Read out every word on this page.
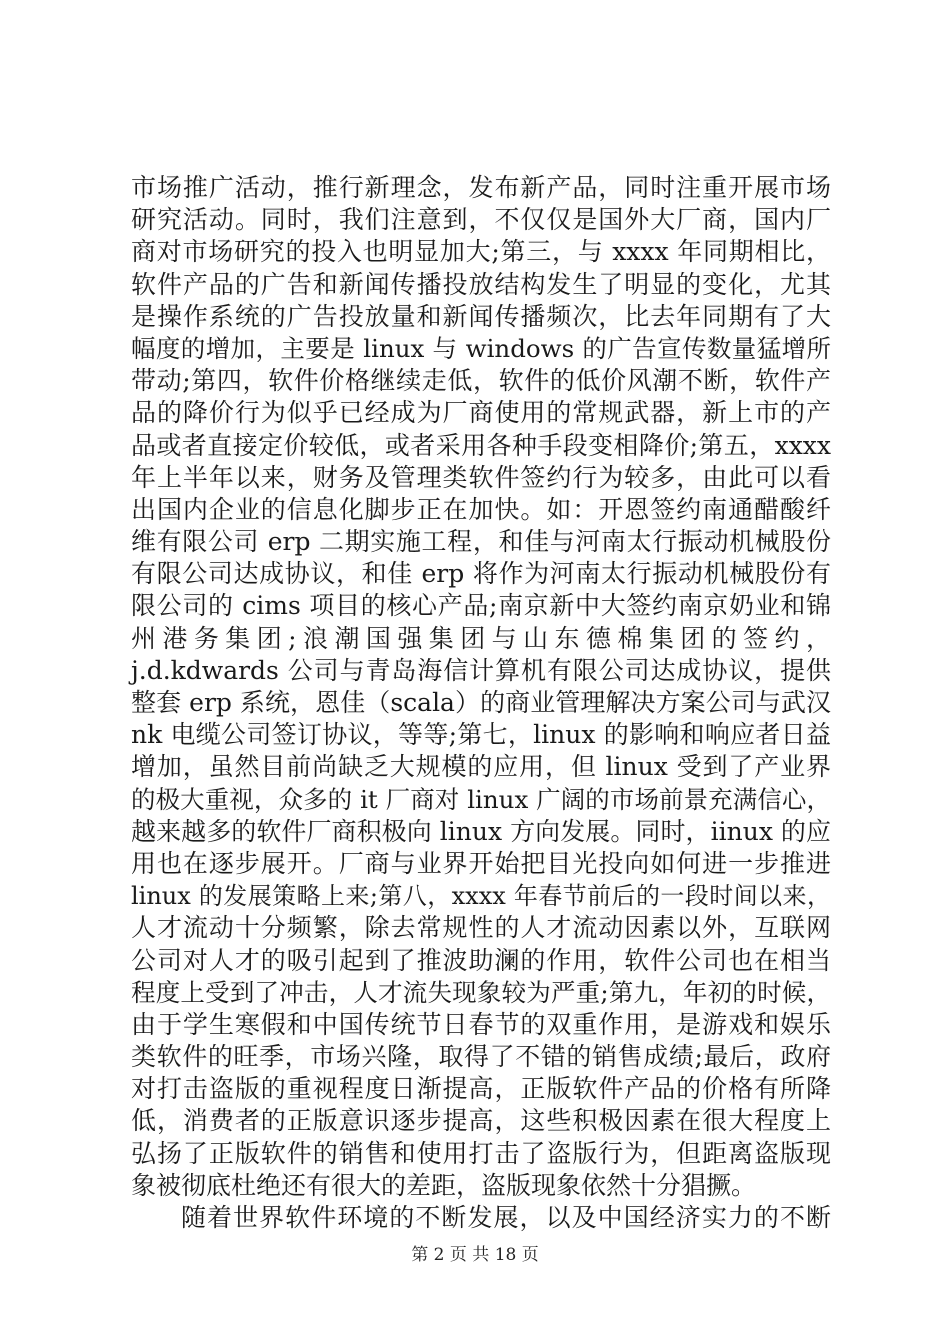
市场推广活动，推行新理念，发布新产品，同时注重开展市场
研究活动。同时，我们注意到，不仅仅是国外大厂商，国内厂
商对市场研究的投入也明显加大;第三，与 xxxx 年同期相比，
软件产品的广告和新闻传播投放结构发生了明显的变化，尤其
是操作系统的广告投放量和新闻传播频次，比去年同期有了大
幅度的增加，主要是 linux 与 windows 的广告宣传数量猛增所
带动;第四，软件价格继续走低，软件的低价风潮不断，软件产
品的降价行为似乎已经成为厂商使用的常规武器，新上市的产
品或者直接定价较低，或者采用各种手段变相降价;第五，xxxx
年上半年以来，财务及管理类软件签约行为较多，由此可以看
出国内企业的信息化脚步正在加快。如：开恩签约南通醋酸纤
维有限公司 erp 二期实施工程，和佳与河南太行振动机械股份
有限公司达成协议，和佳 erp 将作为河南太行振动机械股份有
限公司的 cims 项目的核心产品;南京新中大签约南京奶业和锦
州港务集团;浪潮国强集团与山东德棉集团的签约，
j.d.kdwards 公司与青岛海信计算机有限公司达成协议，提供
整套 erp 系统，恩佳（scala）的商业管理解决方案公司与武汉
nk 电缆公司签订协议，等等;第七，linux 的影响和响应者日益
增加，虽然目前尚缺乏大规模的应用，但 linux 受到了产业界
的极大重视，众多的 it 厂商对 linux 广阔的市场前景充满信心，
越来越多的软件厂商积极向 linux 方向发展。同时，iinux 的应
用也在逐步展开。厂商与业界开始把目光投向如何进一步推进
linux 的发展策略上来;第八，xxxx 年春节前后的一段时间以来，
人才流动十分频繁，除去常规性的人才流动因素以外，互联网
公司对人才的吸引起到了推波助澜的作用，软件公司也在相当
程度上受到了冲击，人才流失现象较为严重;第九，年初的时候，
由于学生寒假和中国传统节日春节的双重作用，是游戏和娱乐
类软件的旺季，市场兴隆，取得了不错的销售成绩;最后，政府
对打击盗版的重视程度日渐提高，正版软件产品的价格有所降
低，消费者的正版意识逐步提高，这些积极因素在很大程度上
弘扬了正版软件的销售和使用打击了盗版行为，但距离盗版现
象被彻底杜绝还有很大的差距，盗版现象依然十分猖撅。
随着世界软件环境的不断发展，以及中国经济实力的不断
第 2 页 共 18 页
